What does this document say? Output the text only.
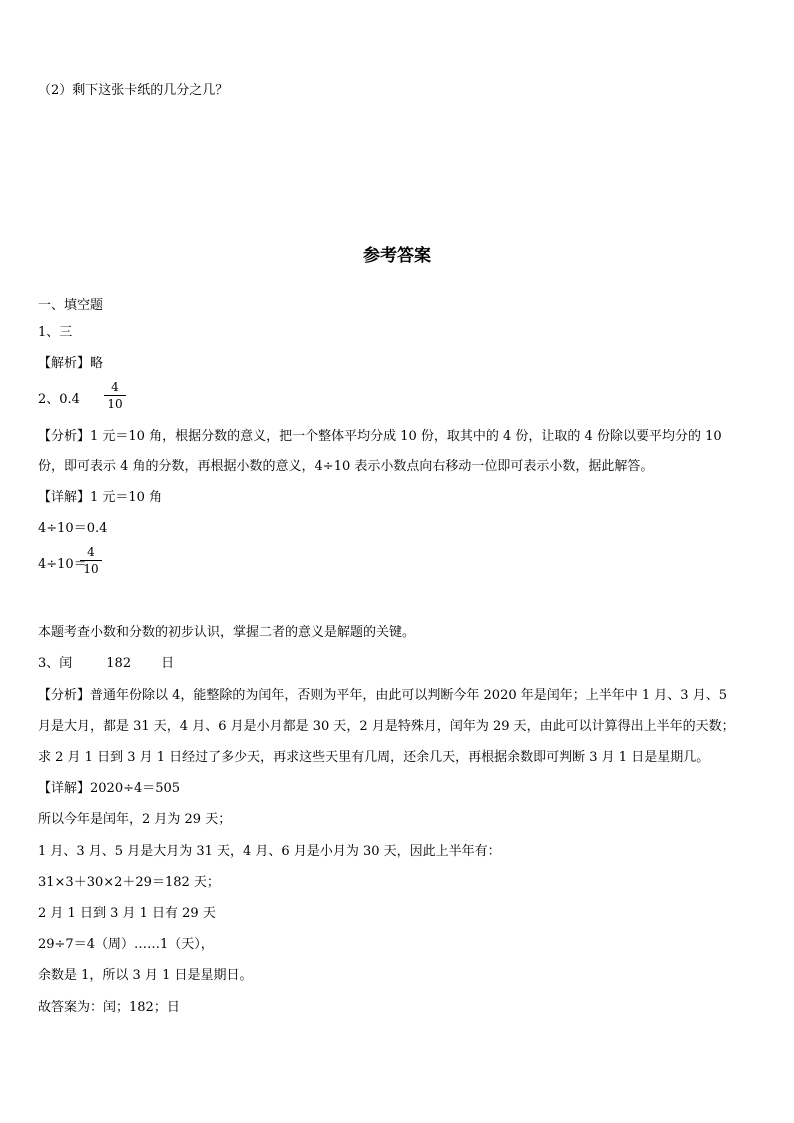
（2）剩下这张卡纸的几分之几？
参考答案
一、填空题
1、三
【解析】略
2、0.4
4
10
【分析】1 元＝10 角，根据分数的意义，把一个整体平均分成 10 份，取其中的 4 份，让取的 4 份除以要平均分的 10
份，即可表示 4 角的分数，再根据小数的意义，4÷10 表示小数点向右移动一位即可表示小数，据此解答。
【详解】1 元＝10 角
4÷10＝0.4
4÷10＝
4
10
本题考查小数和分数的初步认识，掌握二者的意义是解题的关键。
3、闰	182 日
【分析】普通年份除以 4，能整除的为闰年，否则为平年，由此可以判断今年 2020 年是闰年；上半年中 1 月、3 月、5
月是大月，都是 31 天，4 月、6 月是小月都是 30 天，2 月是特殊月，闰年为 29 天，由此可以计算得出上半年的天数；
求 2 月 1 日到 3 月 1 日经过了多少天，再求这些天里有几周，还余几天，再根据余数即可判断 3 月 1 日是星期几。
【详解】2020÷4＝505
所以今年是闰年，2 月为 29 天；
1 月、3 月、5 月是大月为 31 天，4 月、6 月是小月为 30 天，因此上半年有：
31×3＋30×2＋29＝182 天；
2 月 1 日到 3 月 1 日有 29 天
29÷7＝4（周）……1（天），
余数是 1，所以 3 月 1 日是星期日。
故答案为：闰；182；日
